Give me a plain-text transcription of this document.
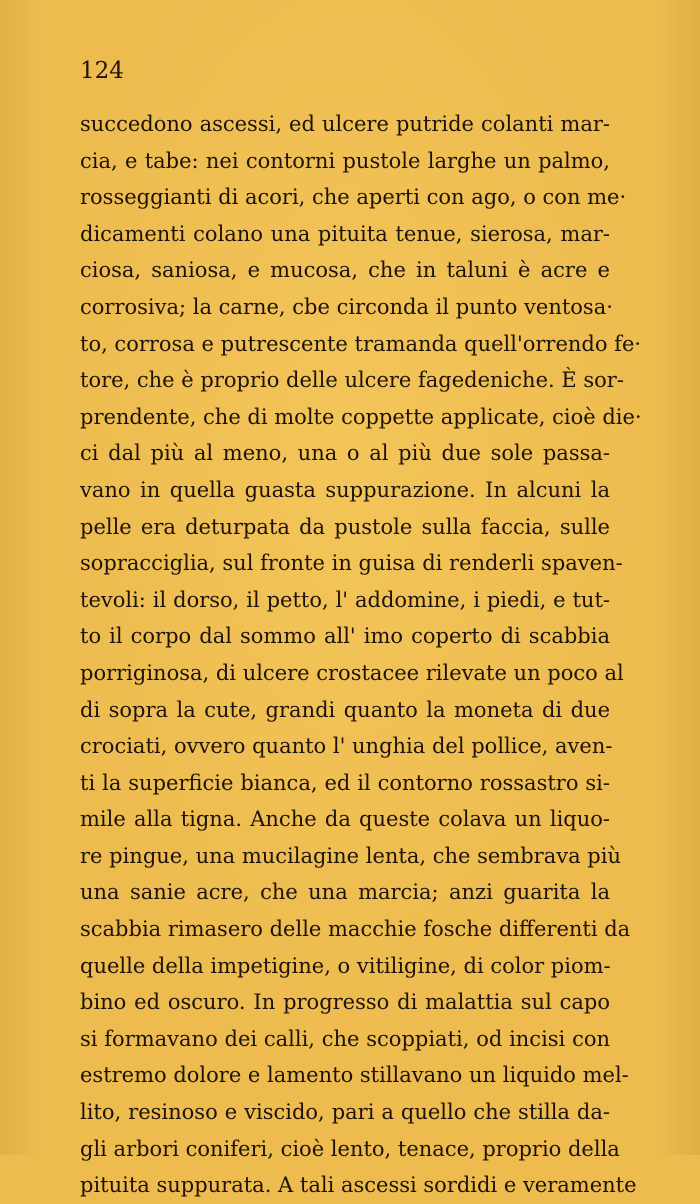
124
succedono ascessi, ed ulcere putride colanti mar-
cia, e tabe: nei contorni pustole larghe un palmo,
rosseggianti di acori, che aperti con ago, o con me·
dicamenti colano una pituita tenue, sierosa, mar-
ciosa, saniosa, e mucosa, che in taluni è acre e
corrosiva; la carne, cbe circonda il punto ventosa·
to, corrosa e putrescente tramanda quell'orrendo fe·
tore, che è proprio delle ulcere fagedeniche. È sor-
prendente, che di molte coppette applicate, cioè die·
ci dal più al meno, una o al più due sole passa-
vano in quella guasta suppurazione. In alcuni la
pelle era deturpata da pustole sulla faccia, sulle
sopracciglia, sul fronte in guisa di renderli spaven-
tevoli: il dorso, il petto, l' addomine, i piedi, e tut-
to il corpo dal sommo all' imo coperto di scabbia
porriginosa, di ulcere crostacee rilevate un poco al
di sopra la cute, grandi quanto la moneta di due
crociati, ovvero quanto l' unghia del pollice, aven-
ti la superficie bianca, ed il contorno rossastro si-
mile alla tigna. Anche da queste colava un liquo-
re pingue, una mucilagine lenta, che sembrava più
una sanie acre, che una marcia; anzi guarita la
scabbia rimasero delle macchie fosche differenti da
quelle della impetigine, o vitiligine, di color piom-
bino ed oscuro. In progresso di malattia sul capo
si formavano dei calli, che scoppiati, od incisi con
estremo dolore e lamento stillavano un liquido mel-
lito, resinoso e viscido, pari a quello che stilla da-
gli arbori coniferi, cioè lento, tenace, proprio della
pituita suppurata. A tali ascessi sordidi e veramente
